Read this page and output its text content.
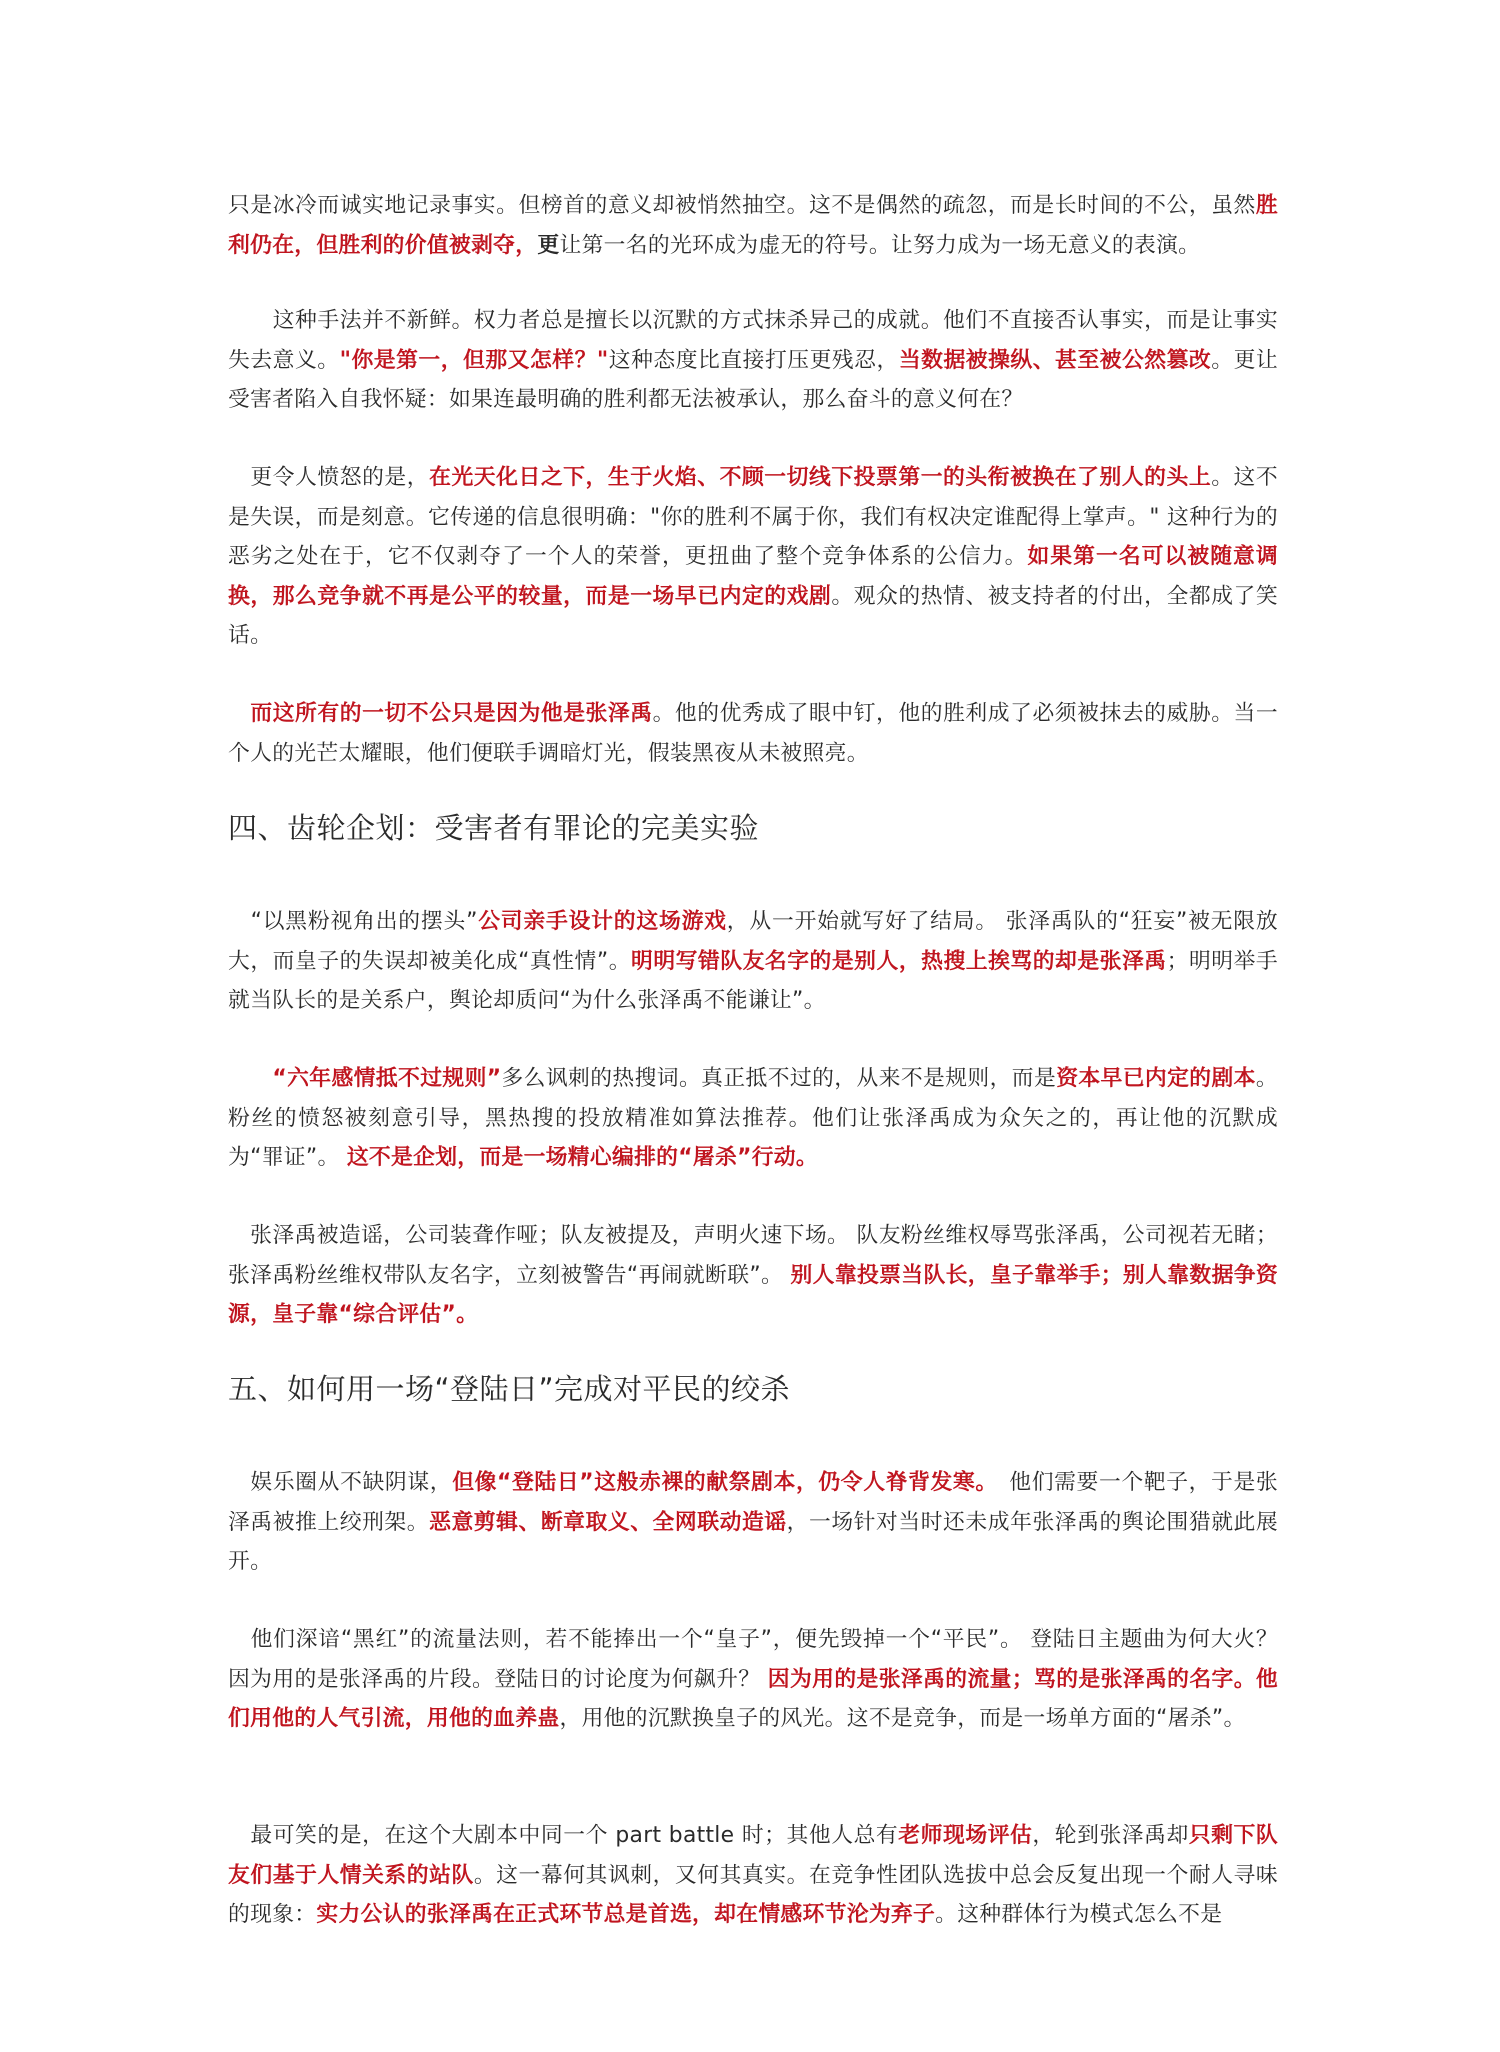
只是冰冷而诚实地记录事实。但榜首的意义却被悄然抽空。这不是偶然的疏忽，而是长时间的不公，虽然胜利仍在，但胜利的价值被剥夺，更让第一名的光环成为虚无的符号。让努力成为一场无意义的表演。

　　这种手法并不新鲜。权力者总是擅长以沉默的方式抹杀异己的成就。他们不直接否认事实，而是让事实失去意义。"你是第一，但那又怎样？"这种态度比直接打压更残忍，当数据被操纵、甚至被公然篡改。更让受害者陷入自我怀疑：如果连最明确的胜利都无法被承认，那么奋斗的意义何在？

　更令人愤怒的是，在光天化日之下，生于火焰、不顾一切线下投票第一的头衔被换在了别人的头上。这不是失误，而是刻意。它传递的信息很明确："你的胜利不属于你，我们有权决定谁配得上掌声。" 这种行为的恶劣之处在于，它不仅剥夺了一个人的荣誉，更扭曲了整个竞争体系的公信力。如果第一名可以被随意调换，那么竞争就不再是公平的较量，而是一场早已内定的戏剧。观众的热情、被支持者的付出，全都成了笑话。

　而这所有的一切不公只是因为他是张泽禹。他的优秀成了眼中钉，他的胜利成了必须被抹去的威胁。当一个人的光芒太耀眼，他们便联手调暗灯光，假装黑夜从未被照亮。

四、齿轮企划：受害者有罪论的完美实验

　“以黑粉视角出的摆头”公司亲手设计的这场游戏，从一开始就写好了结局。 张泽禹队的“狂妄”被无限放大，而皇子的失误却被美化成“真性情”。明明写错队友名字的是别人，热搜上挨骂的却是张泽禹；明明举手就当队长的是关系户，舆论却质问“为什么张泽禹不能谦让”。

　　“六年感情抵不过规则”多么讽刺的热搜词。真正抵不过的，从来不是规则，而是资本早已内定的剧本。粉丝的愤怒被刻意引导，黑热搜的投放精准如算法推荐。他们让张泽禹成为众矢之的，再让他的沉默成为“罪证”。 这不是企划，而是一场精心编排的“屠杀”行动。

　张泽禹被造谣，公司装聋作哑；队友被提及，声明火速下场。 队友粉丝维权辱骂张泽禹，公司视若无睹；张泽禹粉丝维权带队友名字，立刻被警告“再闹就断联”。 别人靠投票当队长，皇子靠举手；别人靠数据争资源，皇子靠“综合评估”。

五、如何用一场“登陆日”完成对平民的绞杀

　娱乐圈从不缺阴谋，但像“登陆日”这般赤裸的献祭剧本，仍令人脊背发寒。　他们需要一个靶子，于是张泽禹被推上绞刑架。恶意剪辑、断章取义、全网联动造谣，一场针对当时还未成年张泽禹的舆论围猎就此展开。

　他们深谙“黑红”的流量法则，若不能捧出一个“皇子”，便先毁掉一个“平民”。 登陆日主题曲为何大火？ 因为用的是张泽禹的片段。登陆日的讨论度为何飙升？ 因为用的是张泽禹的流量；骂的是张泽禹的名字。他们用他的人气引流，用他的血养蛊，用他的沉默换皇子的风光。这不是竞争，而是一场单方面的“屠杀”。

　最可笑的是，在这个大剧本中同一个 part battle 时；其他人总有老师现场评估，轮到张泽禹却只剩下队友们基于人情关系的站队。这一幕何其讽刺，又何其真实。在竞争性团队选拔中总会反复出现一个耐人寻味的现象：实力公认的张泽禹在正式环节总是首选，却在情感环节沦为弃子。这种群体行为模式怎么不是
